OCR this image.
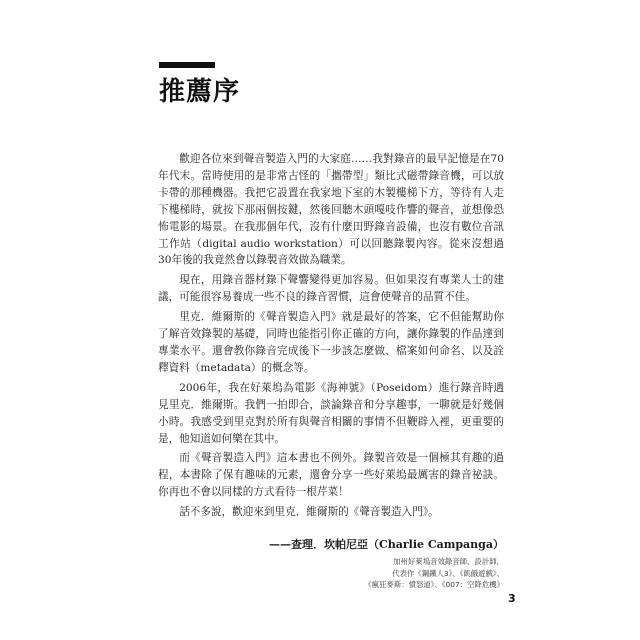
推薦序

歡迎各位來到聲音製造入門的大家庭……我對錄音的最早記憶是在70年代末。當時使用的是非常古怪的「攜帶型」類比式磁帶錄音機，可以放卡帶的那種機器。我把它設置在我家地下室的木製樓梯下方，等待有人走下樓梯時，就按下那兩個按鍵，然後回聽木頭嘎吱作響的聲音，並想像恐怖電影的場景。在我那個年代，沒有什麼田野錄音設備，也沒有數位音訊工作站（digital audio workstation）可以回聽錄製內容。從來沒想過30年後的我竟然會以錄製音效做為職業。

現在，用錄音器材錄下聲響變得更加容易。但如果沒有專業人士的建議，可能很容易養成一些不良的錄音習慣，這會使聲音的品質不佳。

里克．維爾斯的《聲音製造入門》就是最好的答案，它不但能幫助你了解音效錄製的基礎，同時也能指引你正確的方向，讓你錄製的作品達到專業水平。還會教你錄音完成後下一步該怎麼做、檔案如何命名、以及詮釋資料（metadata）的概念等。

2006年，我在好萊塢為電影《海神號》（Poseidom）進行錄音時遇見里克．維爾斯。我們一拍即合，談論錄音和分享趣事，一聊就是好幾個小時。我感受到里克對於所有與聲音相關的事情不但鞭辟入裡，更重要的是，他知道如何樂在其中。

而《聲音製造入門》這本書也不例外。錄製音效是一個極其有趣的過程，本書除了保有趣味的元素，還會分享一些好萊塢最厲害的錄音祕訣。你再也不會以同樣的方式看待一根芹菜！

話不多說，歡迎來到里克．維爾斯的《聲音製造入門》。

——查理．坎帕尼亞（Charlie Campanga）
加州好萊塢音效錄音師、設計師，
代表作《鋼鐵人3》、《飢餓遊戲》、
《瘋狂麥斯：憤怒道》、《007：空降危機》
3
